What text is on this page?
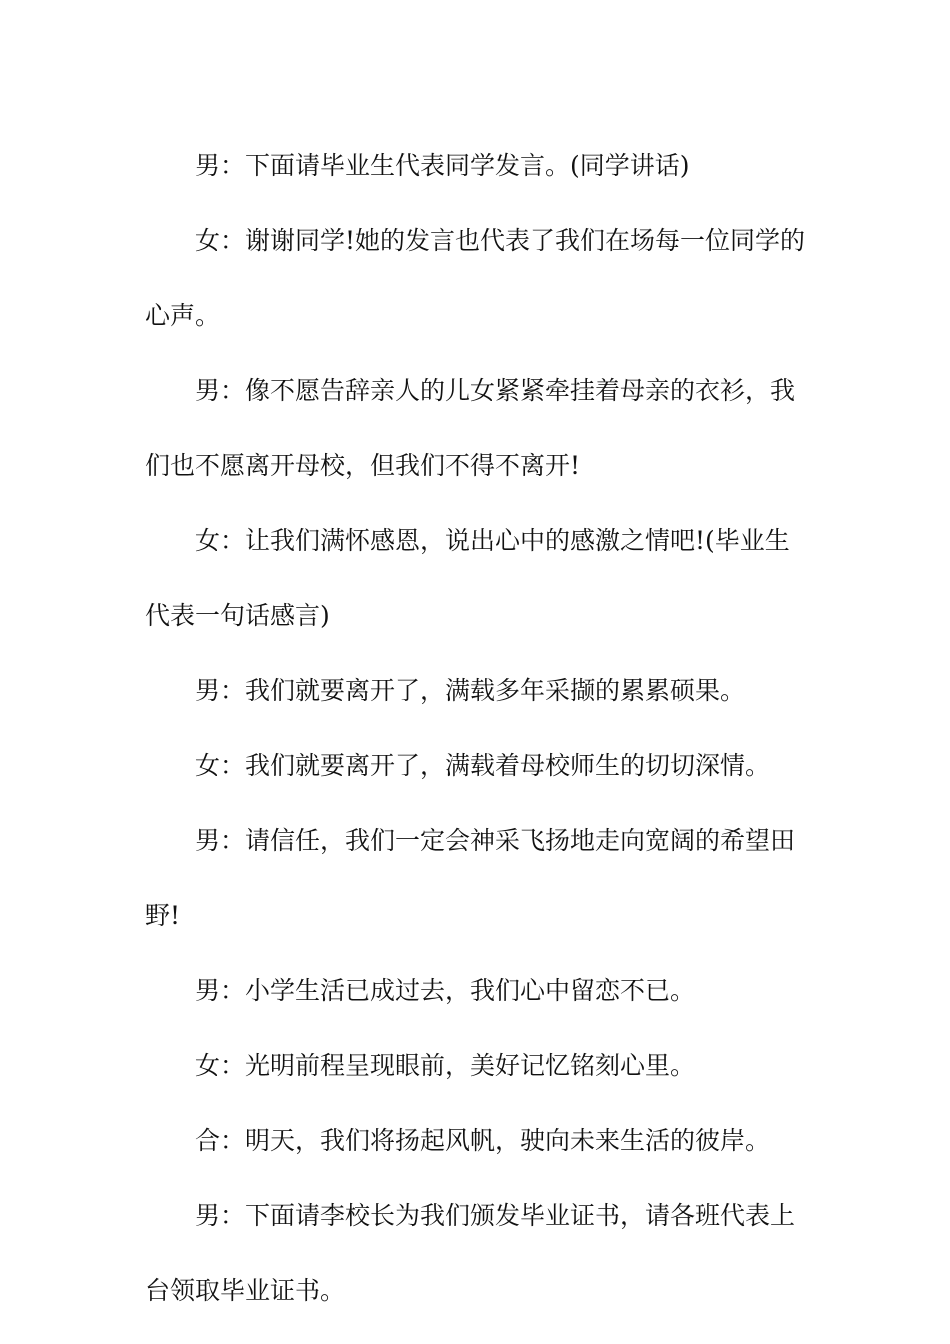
男：下面请毕业生代表同学发言。(同学讲话)

女：谢谢同学!她的发言也代表了我们在场每一位同学的心声。

男：像不愿告辞亲人的儿女紧紧牵挂着母亲的衣衫，我们也不愿离开母校，但我们不得不离开!

女：让我们满怀感恩，说出心中的感激之情吧!(毕业生代表一句话感言)

男：我们就要离开了，满载多年采撷的累累硕果。

女：我们就要离开了，满载着母校师生的切切深情。

男：请信任，我们一定会神采飞扬地走向宽阔的希望田野!

男：小学生活已成过去，我们心中留恋不已。

女：光明前程呈现眼前，美好记忆铭刻心里。

合：明天，我们将扬起风帆，驶向未来生活的彼岸。

男：下面请李校长为我们颁发毕业证书，请各班代表上台领取毕业证书。
